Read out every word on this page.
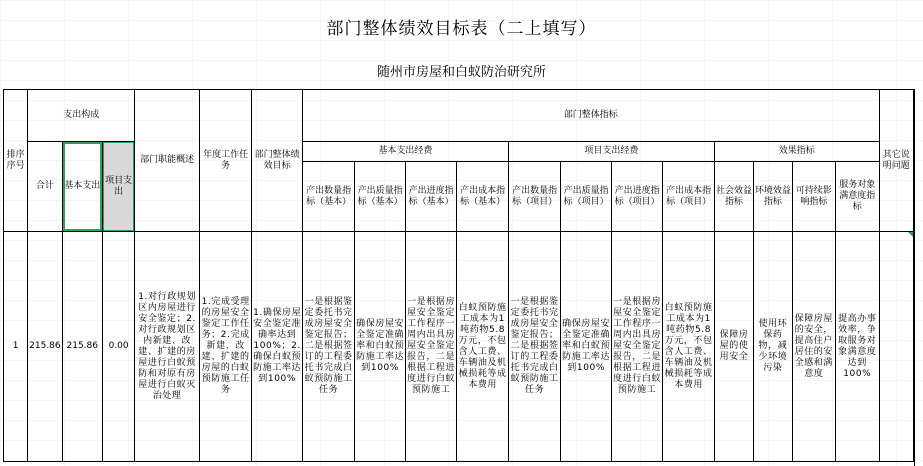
部门整体绩效目标表（二上填写）
随州市房屋和白蚁防治研究所
排序序号	支出构成			部门职能概述	年度工作任务	部门整体绩效目标	部门整体指标												其它说明问题
	合计	基本支出	项目支出				基本支出经费				项目支出经费				效果指标				
							产出数量指标（基本）	产出质量指标（基本）	产出进度指标（基本）	产出成本指标（基本）	产出数量指标（项目）	产出质量指标（项目）	产出进度指标（项目）	产出成本指标（项目）	社会效益指标	环境效益指标	可持续影响指标	服务对象满意度指标	
1	215.86	215.86	0.00	1.对行政规划区内房屋进行安全鉴定；2.对行政规划区内新建、改建、扩建的房屋进行白蚁预防和对原有房屋进行白蚁灭治处理	1.完成受理的房屋安全鉴定工作任务；2.完成新建、改建、扩建的房屋的白蚁预防施工任务	1.确保房屋安全鉴定准确率达到100%；2.确保白蚁预防施工率达到100%	一是根据鉴定委托书完成房屋安全鉴定报告；二是根据签订的工程委托书完成白蚁预防施工任务	确保房屋安全鉴定准确率和白蚁预防施工率达到100%	一是根据房屋安全鉴定工作程序一周内出具房屋安全鉴定报告，二是根据工程进度进行白蚁预防施工	白蚁预防施工成本为1吨药物5.8万元，不包含人工费、车辆油及机械损耗等成本费用	一是根据鉴定委托书完成房屋安全鉴定报告；二是根据签订的工程委托书完成白蚁预防施工任务	确保房屋安全鉴定准确率和白蚁预防施工率达到100%	一是根据房屋安全鉴定工作程序一周内出具房屋安全鉴定报告，二是根据工程进度进行白蚁预防施工	白蚁预防施工成本为1吨药物5.8万元，不包含人工费、车辆油及机械损耗等成本费用	保障房屋的使用安全	使用环保药物，减少环境污染	保障房屋的安全，提高住户居住的安全感和满意度	提高办事效率，争取服务对象满意度达到100%	
